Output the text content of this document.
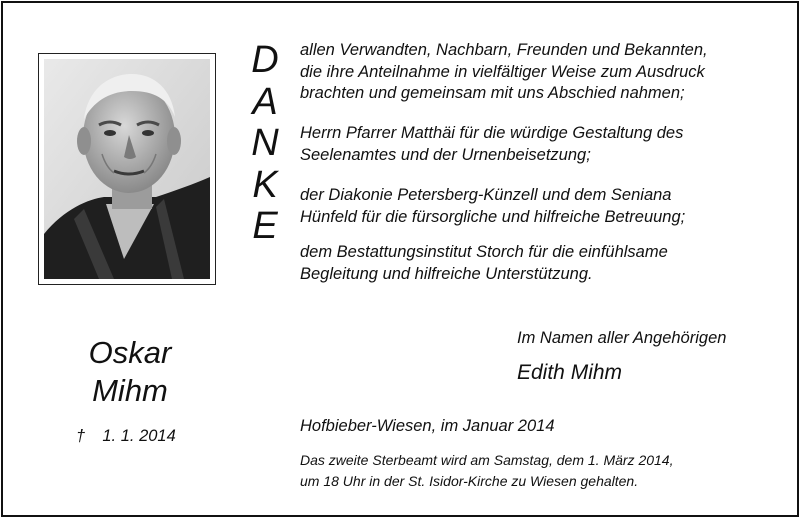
D
A
N
K
E

allen Verwandten, Nachbarn, Freunden und Bekannten,

die ihre Anteilnahme in vielfältiger Weise zum Ausdruck

brachten und gemeinsam mit uns Abschied nahmen;

Herrn Pfarrer Matthäi für die würdige Gestaltung des

Seelenamtes und der Urnenbeisetzung;

der Diakonie Petersberg-Künzell und dem Seniana

Hünfeld für die fürsorgliche und hilfreiche Betreuung;

dem Bestattungsinstitut Storch für die einfühlsame

Begleitung und hilfreiche Unterstützung.

Oskar
Mihm
† 1. 1. 2014
Im Namen aller Angehörigen
Edith Mihm
Hofbieber-Wiesen, im Januar 2014
Das zweite Sterbeamt wird am Samstag, dem 1. März 2014,
um 18 Uhr in der St. Isidor-Kirche zu Wiesen gehalten.
